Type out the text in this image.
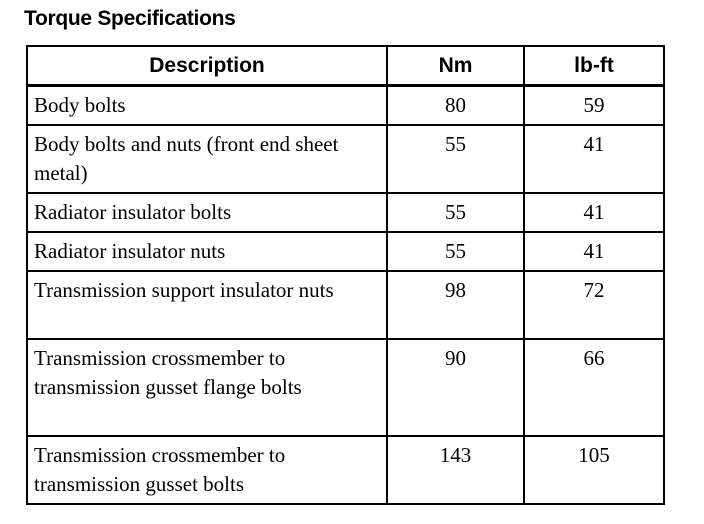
Torque Specifications
Description	Nm	lb-ft
Body bolts	80	59
Body bolts and nuts (front end sheet metal)	55	41
Radiator insulator bolts	55	41
Radiator insulator nuts	55	41
Transmission support insulator nuts	98	72
Transmission crossmember to transmission gusset flange bolts	90	66
Transmission crossmember to transmission gusset bolts	143	105
